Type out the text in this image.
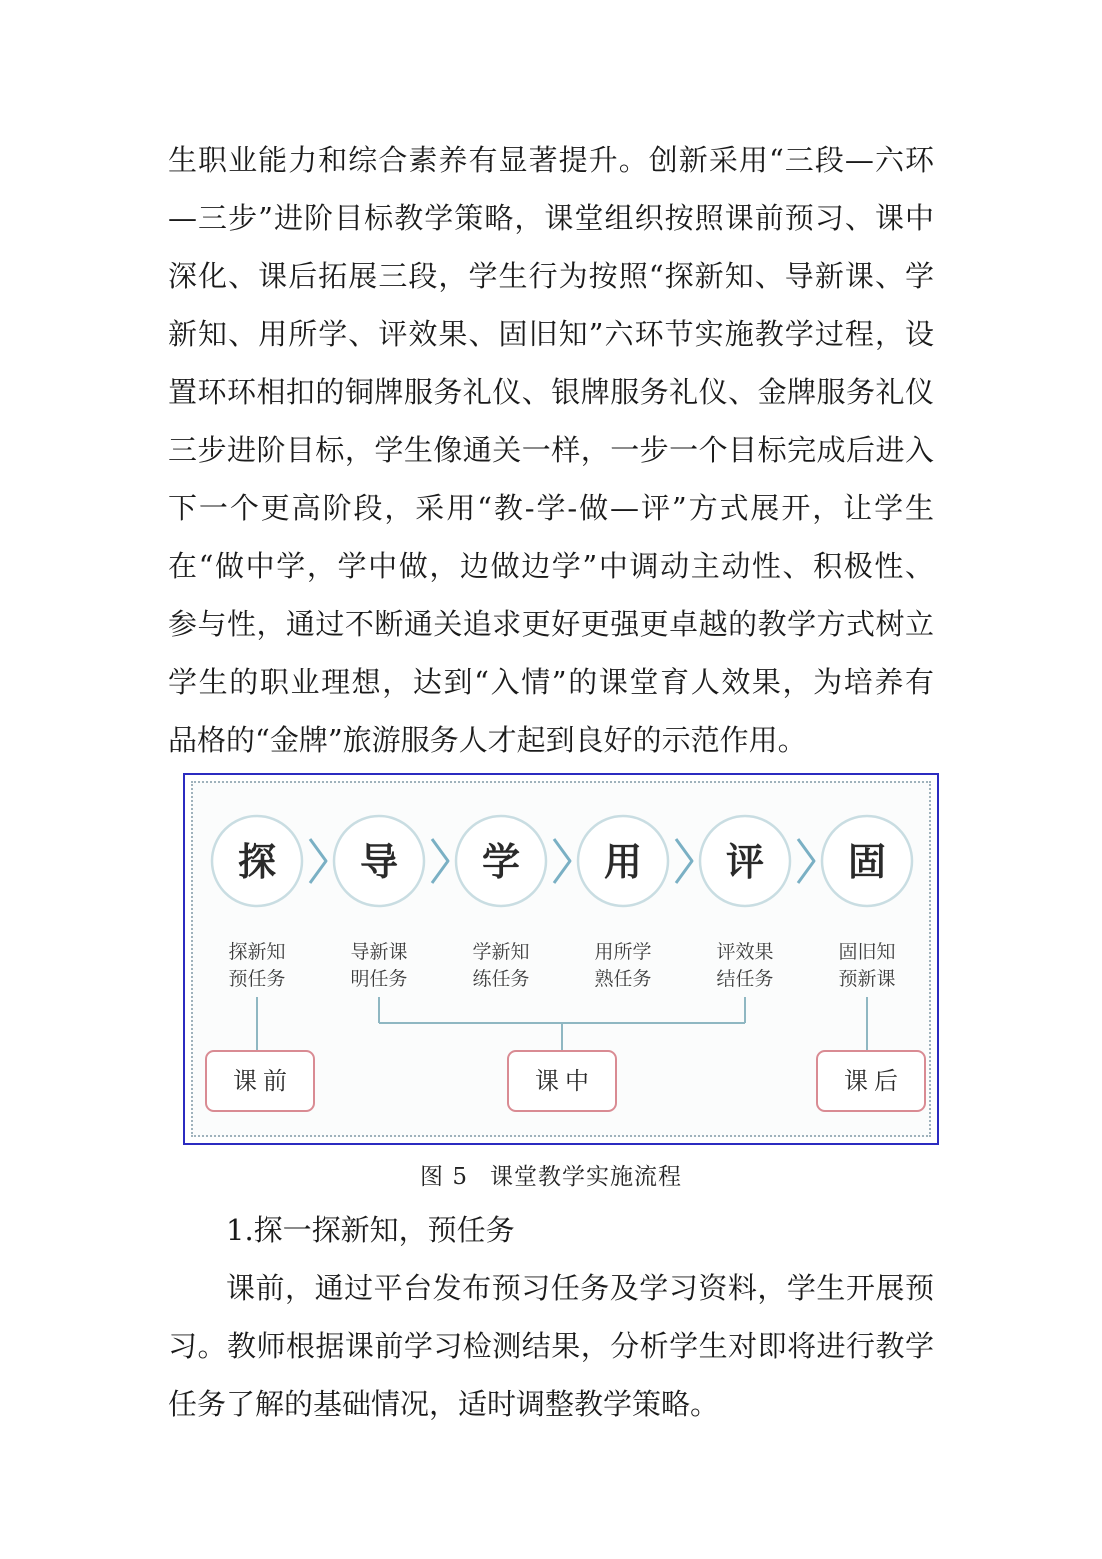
生职业能力和综合素养有显著提升。创新采用“三段—六环
—三步”进阶目标教学策略，课堂组织按照课前预习、课中
深化、课后拓展三段，学生行为按照“探新知、导新课、学
新知、用所学、评效果、固旧知”六环节实施教学过程，设
置环环相扣的铜牌服务礼仪、银牌服务礼仪、金牌服务礼仪
三步进阶目标，学生像通关一样，一步一个目标完成后进入
下一个更高阶段，采用“教-学-做—评”方式展开，让学生
在“做中学，学中做，边做边学”中调动主动性、积极性、
参与性，通过不断通关追求更好更强更卓越的教学方式树立
学生的职业理想，达到“入情”的课堂育人效果，为培养有
品格的“金牌”旅游服务人才起到良好的示范作用。
探
探新知
预任务
导
导新课
明任务
学
学新知
练任务
用
用所学
熟任务
评
评效果
结任务
固
固旧知
预新课
课前	课中	课后
图 5 课堂教学实施流程
1.探一探新知，预任务
课前，通过平台发布预习任务及学习资料，学生开展预
习。教师根据课前学习检测结果，分析学生对即将进行教学
任务了解的基础情况，适时调整教学策略。
